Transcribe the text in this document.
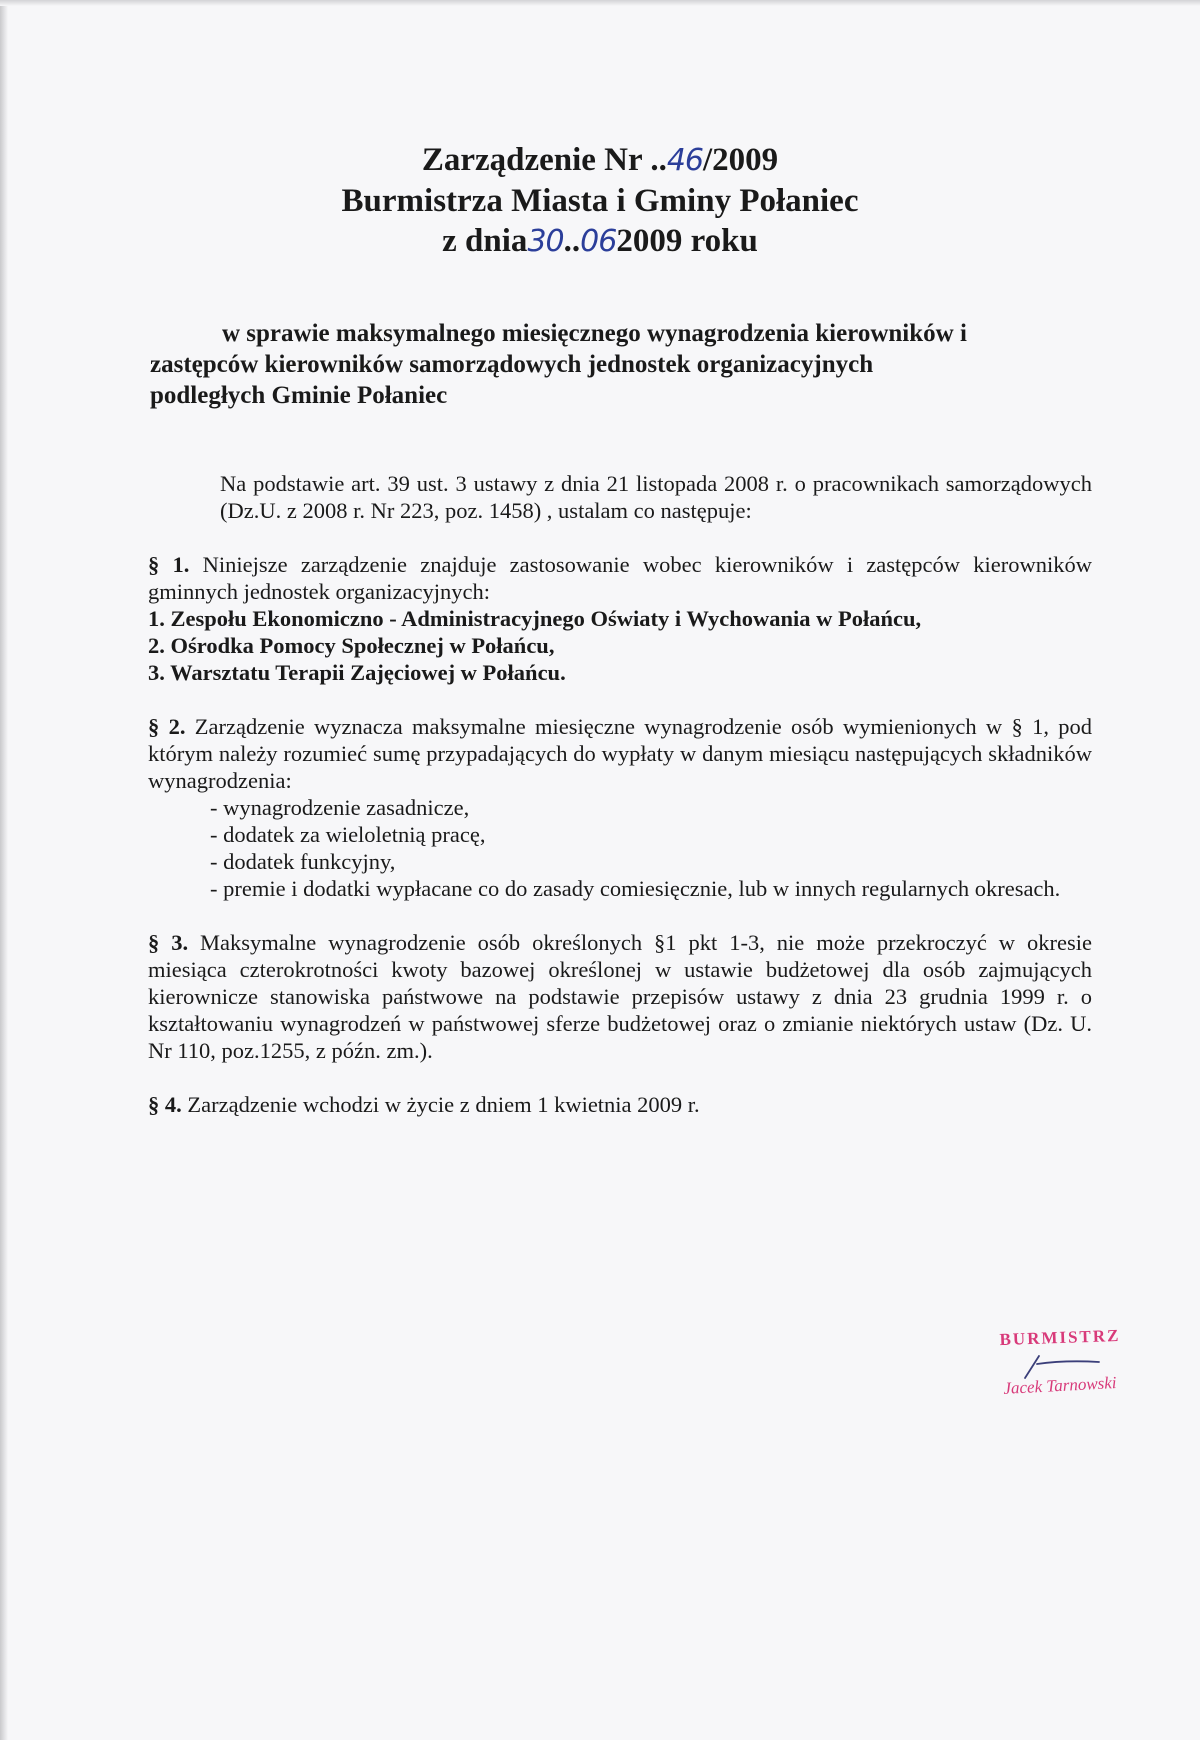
Zarządzenie Nr ..46/2009
Burmistrza Miasta i Gminy Połaniec
z dnia30..062009 roku
w sprawie maksymalnego miesięcznego wynagrodzenia kierowników i
zastępców kierowników samorządowych jednostek organizacyjnych
podległych Gminie Połaniec

Na podstawie art. 39 ust. 3 ustawy z dnia 21 listopada 2008 r. o pracownikach samorządowych (Dz.U. z 2008 r. Nr 223, poz. 1458) , ustalam co następuje:

§ 1. Niniejsze zarządzenie znajduje zastosowanie wobec kierowników i zastępców kierowników gminnych jednostek organizacyjnych:

1. Zespołu Ekonomiczno - Administracyjnego Oświaty i Wychowania w Połańcu,

2. Ośrodka Pomocy Społecznej w Połańcu,

3. Warsztatu Terapii Zajęciowej w Połańcu.

§ 2. Zarządzenie wyznacza maksymalne miesięczne wynagrodzenie osób wymienionych w § 1, pod którym należy rozumieć sumę przypadających do wypłaty w danym miesiącu następujących składników wynagrodzenia:

- wynagrodzenie zasadnicze,
- dodatek za wieloletnią pracę,
- dodatek funkcyjny,
- premie i dodatki wypłacane co do zasady comiesięcznie, lub w innych regularnych okresach.

§ 3. Maksymalne wynagrodzenie osób określonych §1 pkt 1-3, nie może przekroczyć w okresie miesiąca czterokrotności kwoty bazowej określonej w ustawie budżetowej dla osób zajmujących kierownicze stanowiska państwowe na podstawie przepisów ustawy z dnia 23 grudnia 1999 r. o kształtowaniu wynagrodzeń w państwowej sferze budżetowej oraz o zmianie niektórych ustaw (Dz. U. Nr 110, poz.1255, z późn. zm.).

§ 4. Zarządzenie wchodzi w życie z dniem 1 kwietnia 2009 r.

BURMISTRZ
Jacek Tarnowski
